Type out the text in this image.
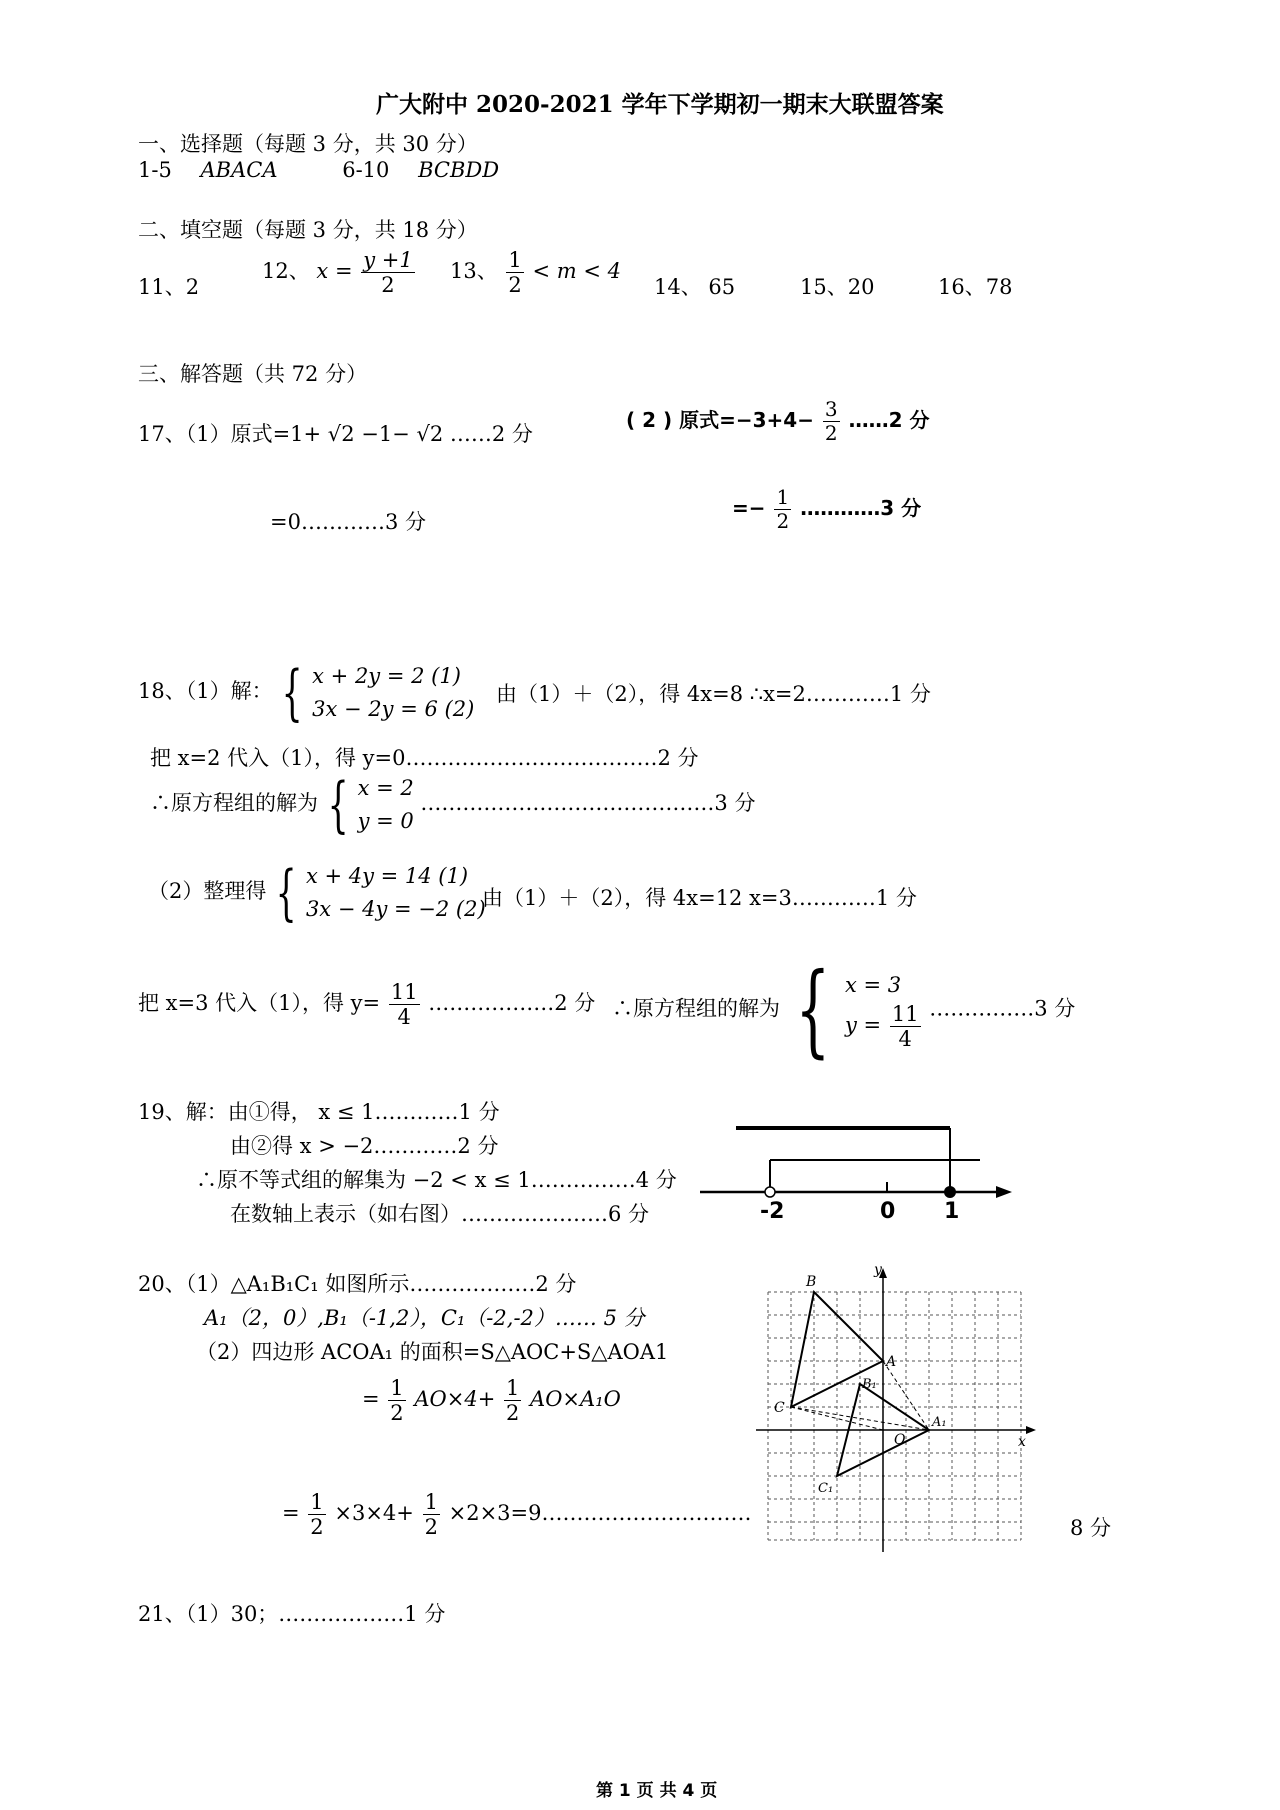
广大附中 2020-2021 学年下学期初一期末大联盟答案
一、选择题（每题 3 分，共 30 分）
1-5 ABACA	6-10 BCBDD
二、填空题（每题 3 分，共 18 分）
11、2
12、 $x = \frac{y +1}{2} 13$、 $\frac{1}{2} < m < 4$
14、 65	15、20	16、78
三、解答题（共 72 分）
17、（1）原式=1+ √2 −1− √2 ……2 分
=0…………3 分
( 2 ) 原式$=-3+4- \frac{3}{2}$ ……2 分
=− $\frac{1}{2}$ …………3 分
18、（1）解： { x + 2y = 2 (1)
3x − 2y = 6 (2)
由（1）＋（2），得 4x=8 ∴x=2…………1 分
把 x=2 代入（1），得 y=0………………………………2 分
∴原方程组的解为 { x = 2
y = 0
……………………………………3 分
（2）整理得 { x + 4y = 14 (1)
3x − 4y = −2 (2)
由（1）＋（2），得 4x=12 x=3…………1 分
把 x=3 代入（1），得 $y= \frac{11}{4}$ ………………2 分 ∴原方程组的解为 { x = 3
$y = \frac{11}{4}$ ……………3 分
19、解：由①得， x ≤ 1…………1 分
由②得 x > −2…………2 分
∴原不等式组的解集为 −2 < x ≤ 1……………4 分
在数轴上表示（如右图）…………………6 分	-2	0 1
20、（1）△A₁B₁C₁ 如图所示………………2 分
A₁（2，0）,B₁（-1,2），C₁（-2,-2）…… 5 分
（2）四边形 ACOA₁ 的面积=S△AOC+S△AOA1
= $\frac{1}{2} AO\times 4+ \frac{1}{2} AO\times A_1O$
= $\frac{1}{2} \times 3\times 4+ \frac{1}{2}$ ×2×3=9…………………………
8 分
B
y
A
B₁
C
O
A₁
x
C₁
21、（1）30；………………1 分
第 1 页 共 4 页
